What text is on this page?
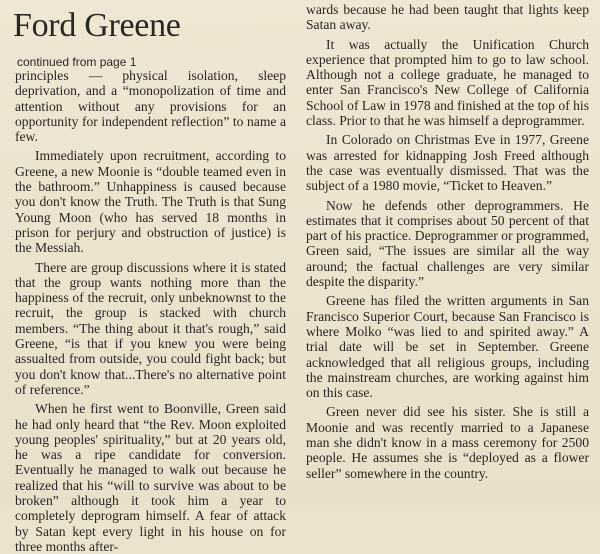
Ford Greene
continued from page 1

principles — physical isolation, sleep deprivation, and a “monopolization of time and attention without any provisions for an opportunity for independent reflection” to name a few.

Immediately upon recruitment, according to Greene, a new Moonie is “double teamed even in the bathroom.” Unhappiness is caused because you don't know the Truth. The Truth is that Sung Young Moon (who has served 18 months in prison for perjury and obstruction of justice) is the Messiah.

There are group discussions where it is stated that the group wants nothing more than the happiness of the recruit, only unbeknownst to the recruit, the group is stacked with church members. “The thing about it that's rough,” said Greene, “is that if you knew you were being assualted from outside, you could fight back; but you don't know that...There's no alternative point of reference.”

When he first went to Boonville, Green said he had only heard that “the Rev. Moon exploited young peoples' spirituality,” but at 20 years old, he was a ripe candidate for conversion. Eventually he managed to walk out because he realized that his “will to survive was about to be broken” although it took him a year to completely deprogram himself. A fear of attack by Satan kept every light in his house on for three months after-

wards because he had been taught that lights keep Satan away.

It was actually the Unification Church experience that prompted him to go to law school. Although not a college graduate, he managed to enter San Francisco's New College of California School of Law in 1978 and finished at the top of his class. Prior to that he was himself a deprogrammer.

In Colorado on Christmas Eve in 1977, Greene was arrested for kidnapping Josh Freed although the case was eventually dismissed. That was the subject of a 1980 movie, “Ticket to Heaven.”

Now he defends other deprogrammers. He estimates that it comprises about 50 percent of that part of his practice. Deprogrammer or programmed, Green said, “The issues are similar all the way around; the factual challenges are very similar despite the disparity.”

Greene has filed the written arguments in San Francisco Superior Court, because San Francisco is where Molko “was lied to and spirited away.” A trial date will be set in September. Greene acknowledged that all religious groups, including the mainstream churches, are working against him on this case.

Green never did see his sister. She is still a Moonie and was recently married to a Japanese man she didn't know in a mass ceremony for 2500 people. He assumes she is “deployed as a flower seller” somewhere in the country.
